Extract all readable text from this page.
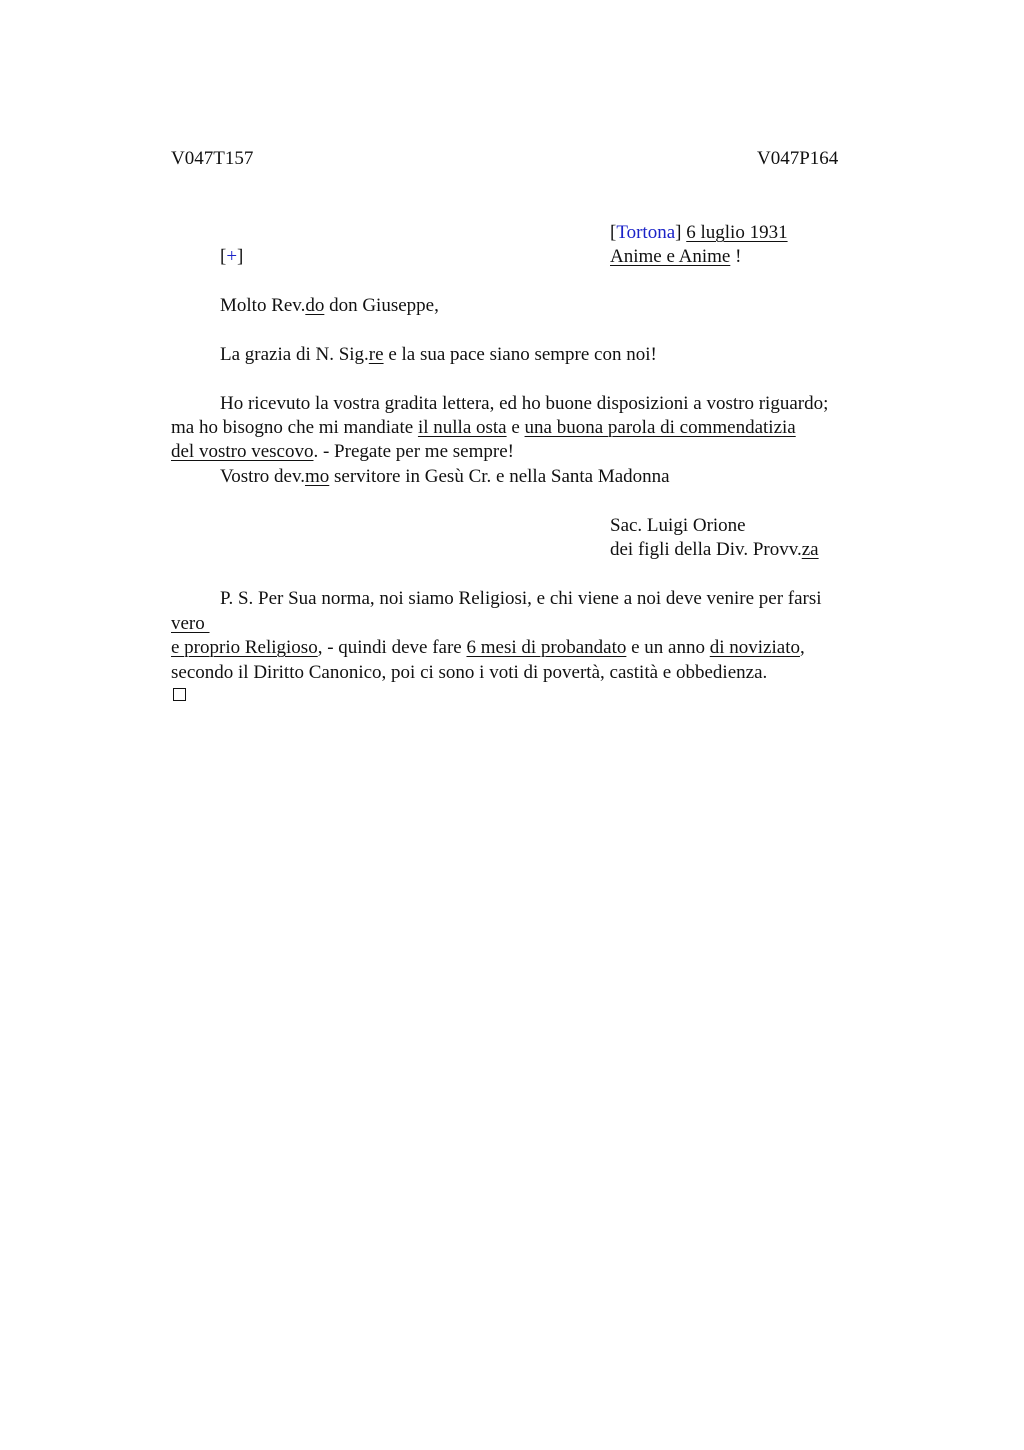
V047T157	V047P164
[Tortona] 6 luglio 1931
Anime e Anime !
[+]
Molto Rev.do don Giuseppe,
La grazia di N. Sig.re e la sua pace siano sempre con noi!
Ho ricevuto la vostra gradita lettera, ed ho buone disposizioni a vostro riguardo;
ma ho bisogno che mi mandiate il nulla osta e una buona parola di commendatizia
del vostro vescovo. - Pregate per me sempre!
Vostro dev.mo servitore in Gesù Cr. e nella Santa Madonna
Sac. Luigi Orione
dei figli della Div. Provv.za
P. S. Per Sua norma, noi siamo Religiosi, e chi viene a noi deve venire per farsi
vero
e proprio Religioso, - quindi deve fare 6 mesi di probandato e un anno di noviziato,
secondo il Diritto Canonico, poi ci sono i voti di povertà, castità e obbedienza.
